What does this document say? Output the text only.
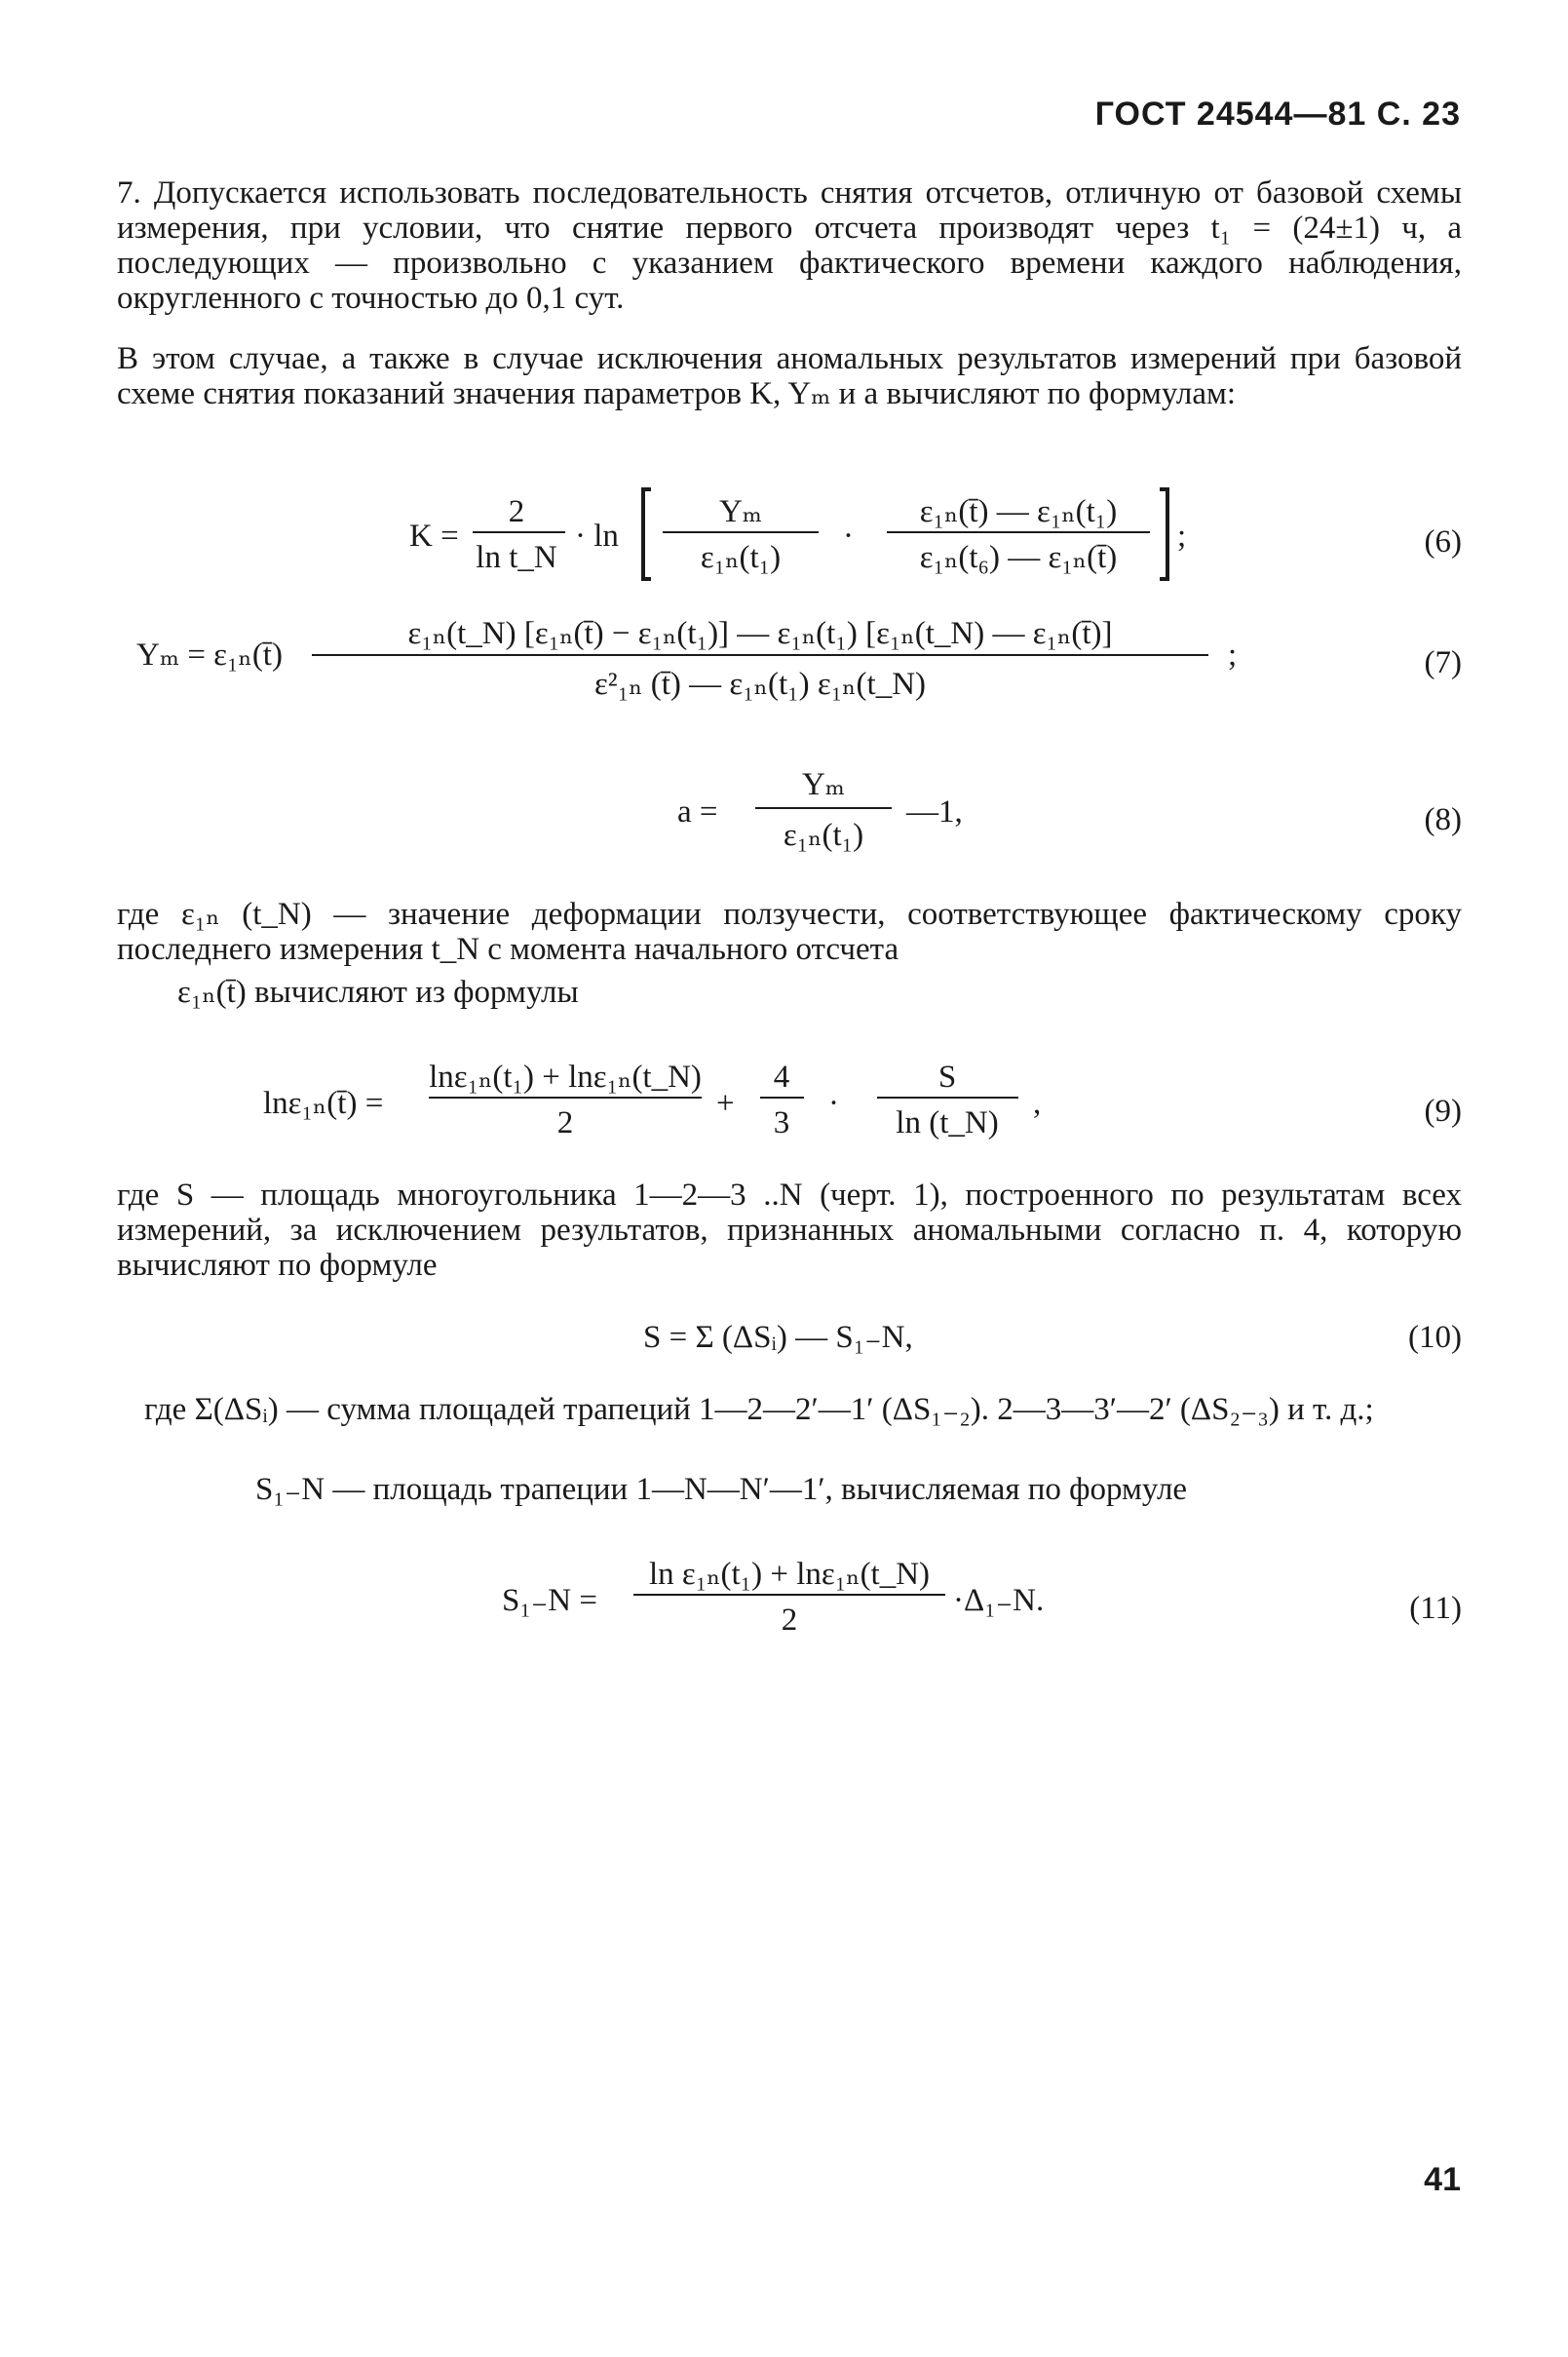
ГОСТ 24544—81 С. 23
7. Допускается использовать последовательность снятия отсчетов, отличную от базовой схемы измерения, при условии, что снятие первого отсчета производят через t₁ = (24±1) ч, а последующих — произвольно с указанием фактического времени каждого наблюдения, округленного с точностью до 0,1 сут.
В этом случае, а также в случае исключения аномальных результатов измерений при базовой схеме снятия показаний значения параметров K, Yₘ и a вычисляют по формулам:
K =
2
ln t_N
· ln
Yₘ
ε₁ₙ(t₁)
·
ε₁ₙ(t̄) — ε₁ₙ(t₁)
ε₁ₙ(t₆) — ε₁ₙ(t̄)
;	(6)
Yₘ = ε₁ₙ(t̄)
ε₁ₙ(t_N) [ε₁ₙ(t̄) − ε₁ₙ(t₁)] — ε₁ₙ(t₁) [ε₁ₙ(t_N) — ε₁ₙ(t̄)]
ε²₁ₙ (t̄) — ε₁ₙ(t₁) ε₁ₙ(t_N)
;	(7)
a =
Yₘ
ε₁ₙ(t₁)
—1,	(8)
где ε₁ₙ (t_N) — значение деформации ползучести, соответствующее фактическому сроку последнего измерения t_N с момента начального отсчета
ε₁ₙ(t̄) вычисляют из формулы
lnε₁ₙ(t̄) =
lnε₁ₙ(t₁) + lnε₁ₙ(t_N)
2
+
4
3
·
S
ln (t_N)
,	(9)
где S — площадь многоугольника 1—2—3 ..N (черт. 1), построенного по результатам всех измерений, за исключением результатов, признанных аномальными согласно п. 4, которую вычисляют по формуле
S = Σ (ΔSᵢ) — S₁₋N,	(10)
где Σ(ΔSᵢ) — сумма площадей трапеций 1—2—2′—1′ (ΔS₁₋₂). 2—3—3′—2′ (ΔS₂₋₃) и т. д.;
S₁₋N — площадь трапеции 1—N—N′—1′, вычисляемая по формуле
S₁₋N =
ln ε₁ₙ(t₁) + lnε₁ₙ(t_N)
2
·Δ₁₋N.	(11)
41
